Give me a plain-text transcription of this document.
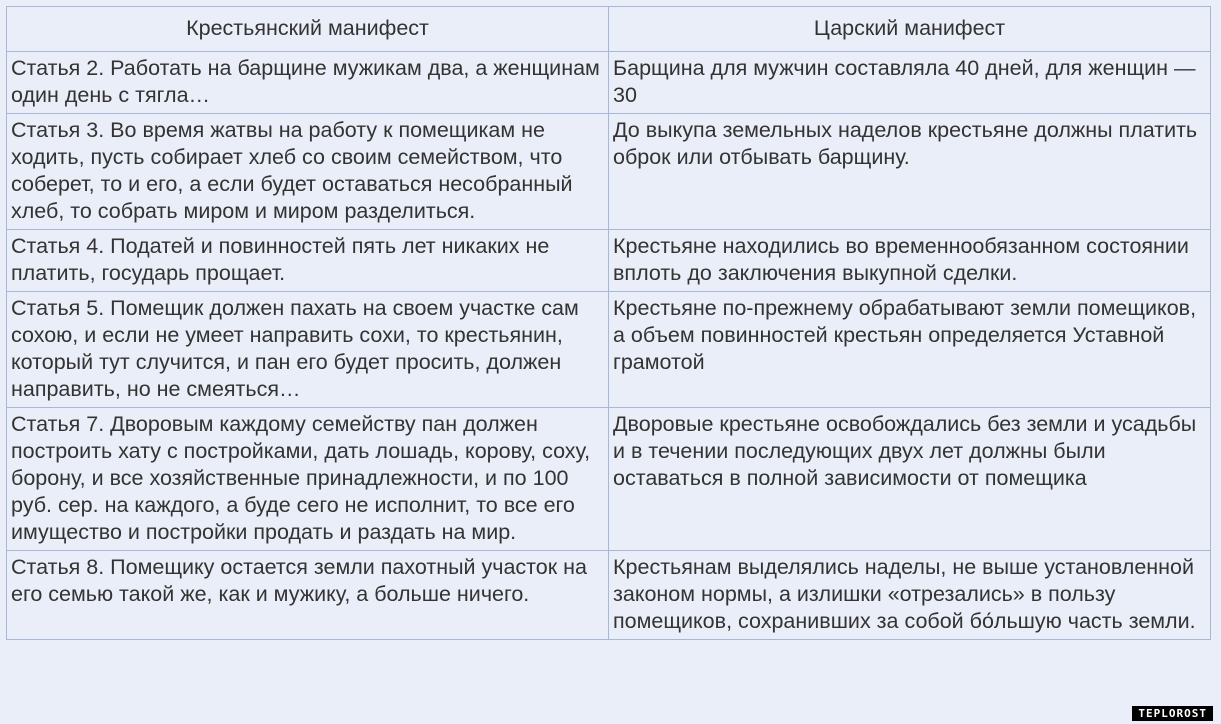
Крестьянский манифест	Царский манифест
Статья 2. Работать на барщине мужикам два, а женщинам один день с тягла…	Барщина для мужчин составляла 40 дней, для женщин — 30
Статья 3. Во время жатвы на работу к помещикам не ходить, пусть собирает хлеб со своим семейством, что соберет, то и его, а если будет оставаться несобранный хлеб, то собрать миром и миром разделиться.	До выкупа земельных наделов крестьяне должны платить оброк или отбывать барщину.
Статья 4. Податей и повинностей пять лет никаких не платить, государь прощает.	Крестьяне находились во временнообязанном состоянии вплоть до заключения выкупной сделки.
Статья 5. Помещик должен пахать на своем участке сам сохою, и если не умеет направить сохи, то крестьянин, который тут случится, и пан его будет просить, должен направить, но не смеяться…	Крестьяне по-прежнему обрабатывают земли помещиков, а объем повинностей крестьян определяется Уставной грамотой
Статья 7. Дворовым каждому семейству пан должен построить хату с постройками, дать лошадь, корову, соху, борону, и все хозяйственные принадлежности, и по 100 руб. сер. на каждого, а буде сего не исполнит, то все его имущество и постройки продать и раздать на мир.	Дворовые крестьяне освобождались без земли и усадьбы и в течении последующих двух лет должны были оставаться в полной зависимости от помещика
Статья 8. Помещику остается земли пахотный участок на его семью такой же, как и мужику, а больше ничего.	Крестьянам выделялись наделы, не выше установленной законом нормы, а излишки «отрезались» в пользу помещиков, сохранивших за собой бо́льшую часть земли.
TEPLOROST
